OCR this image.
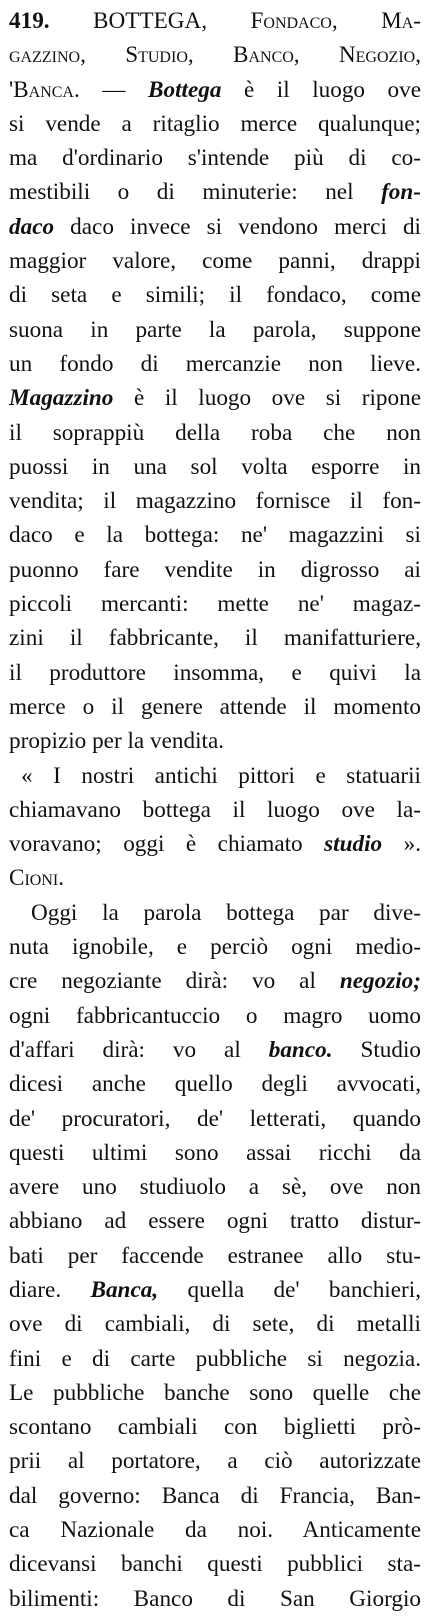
419. BOTTEGA, Fondaco, Ma-
gazzino, Studio, Banco, Negozio,
'Banca. — Bottega è il luogo ove
si vende a ritaglio merce qualunque;
ma d'ordinario s'intende più di co-
mestibili o di minuterie: nel fon-
daco daco invece si vendono merci di
maggior valore, come panni, drappi
di seta e simili; il fondaco, come
suona in parte la parola, suppone
un fondo di mercanzie non lieve.
Magazzino è il luogo ove si ripone
il soprappiù della roba che non
puossi in una sol volta esporre in
vendita; il magazzino fornisce il fon-
daco e la bottega: ne' magazzini si
puonno fare vendite in digrosso ai
piccoli mercanti: mette ne' magaz-
zini il fabbricante, il manifatturiere,
il produttore insomma, e quivi la
merce o il genere attende il momento
propizio per la vendita.
« I nostri antichi pittori e statuarii
chiamavano bottega il luogo ove la-
voravano; oggi è chiamato studio ».
Cioni.
Oggi la parola bottega par dive-
nuta ignobile, e perciò ogni medio-
cre negoziante dirà: vo al negozio;
ogni fabbricantuccio o magro uomo
d'affari dirà: vo al banco. Studio
dicesi anche quello degli avvocati,
de' procuratori, de' letterati, quando
questi ultimi sono assai ricchi da
avere uno studiuolo a sè, ove non
abbiano ad essere ogni tratto distur-
bati per faccende estranee allo stu-
diare. Banca, quella de' banchieri,
ove di cambiali, di sete, di metalli
fini e di carte pubbliche si negozia.
Le pubbliche banche sono quelle che
scontano cambiali con biglietti prò-
prii al portatore, a ciò autorizzate
dal governo: Banca di Francia, Ban-
ca Nazionale da noi. Anticamente
dicevansi banchi questi pubblici sta-
bilimenti: Banco di San Giorgio
